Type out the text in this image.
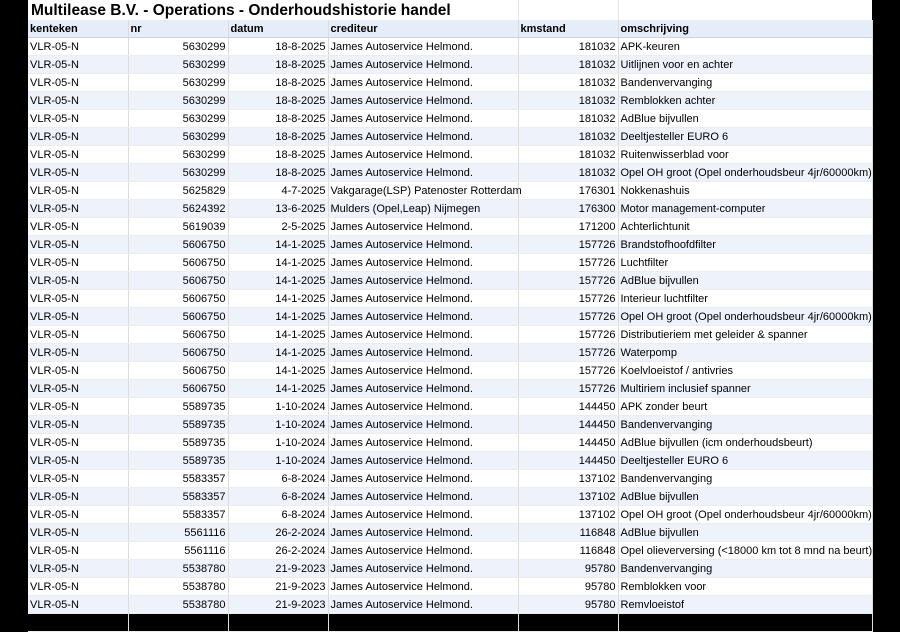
Multilease B.V. - Operations - Onderhoudshistorie handel
kenteken	nr	datum	crediteur	kmstand	omschrijving
VLR-05-N	5630299	18-8-2025	James Autoservice Helmond.	181032	APK-keuren
VLR-05-N	5630299	18-8-2025	James Autoservice Helmond.	181032	Uitlijnen voor en achter
VLR-05-N	5630299	18-8-2025	James Autoservice Helmond.	181032	Bandenvervanging
VLR-05-N	5630299	18-8-2025	James Autoservice Helmond.	181032	Remblokken achter
VLR-05-N	5630299	18-8-2025	James Autoservice Helmond.	181032	AdBlue bijvullen
VLR-05-N	5630299	18-8-2025	James Autoservice Helmond.	181032	Deeltjesteller EURO 6
VLR-05-N	5630299	18-8-2025	James Autoservice Helmond.	181032	Ruitenwisserblad voor
VLR-05-N	5630299	18-8-2025	James Autoservice Helmond.	181032	Opel OH groot (Opel onderhoudsbeur 4jr/60000km)
VLR-05-N	5625829	4-7-2025	Vakgarage(LSP) Patenoster Rotterdam	176301	Nokkenashuis
VLR-05-N	5624392	13-6-2025	Mulders (Opel,Leap) Nijmegen	176300	Motor management-computer
VLR-05-N	5619039	2-5-2025	James Autoservice Helmond.	171200	Achterlichtunit
VLR-05-N	5606750	14-1-2025	James Autoservice Helmond.	157726	Brandstofhoofdfilter
VLR-05-N	5606750	14-1-2025	James Autoservice Helmond.	157726	Luchtfilter
VLR-05-N	5606750	14-1-2025	James Autoservice Helmond.	157726	AdBlue bijvullen
VLR-05-N	5606750	14-1-2025	James Autoservice Helmond.	157726	Interieur luchtfilter
VLR-05-N	5606750	14-1-2025	James Autoservice Helmond.	157726	Opel OH groot (Opel onderhoudsbeur 4jr/60000km)
VLR-05-N	5606750	14-1-2025	James Autoservice Helmond.	157726	Distributieriem met geleider & spanner
VLR-05-N	5606750	14-1-2025	James Autoservice Helmond.	157726	Waterpomp
VLR-05-N	5606750	14-1-2025	James Autoservice Helmond.	157726	Koelvloeistof / antivries
VLR-05-N	5606750	14-1-2025	James Autoservice Helmond.	157726	Multiriem inclusief spanner
VLR-05-N	5589735	1-10-2024	James Autoservice Helmond.	144450	APK zonder beurt
VLR-05-N	5589735	1-10-2024	James Autoservice Helmond.	144450	Bandenvervanging
VLR-05-N	5589735	1-10-2024	James Autoservice Helmond.	144450	AdBlue bijvullen (icm onderhoudsbeurt)
VLR-05-N	5589735	1-10-2024	James Autoservice Helmond.	144450	Deeltjesteller EURO 6
VLR-05-N	5583357	6-8-2024	James Autoservice Helmond.	137102	Bandenvervanging
VLR-05-N	5583357	6-8-2024	James Autoservice Helmond.	137102	AdBlue bijvullen
VLR-05-N	5583357	6-8-2024	James Autoservice Helmond.	137102	Opel OH groot (Opel onderhoudsbeur 4jr/60000km)
VLR-05-N	5561116	26-2-2024	James Autoservice Helmond.	116848	AdBlue bijvullen
VLR-05-N	5561116	26-2-2024	James Autoservice Helmond.	116848	Opel olieverversing (<18000 km tot 8 mnd na beurt)
VLR-05-N	5538780	21-9-2023	James Autoservice Helmond.	95780	Bandenvervanging
VLR-05-N	5538780	21-9-2023	James Autoservice Helmond.	95780	Remblokken voor
VLR-05-N	5538780	21-9-2023	James Autoservice Helmond.	95780	Remvloeistof
VLR-05-N	5538780	21-9-2023	James Autoservice Helmond.	95780	Brandstofhoofdfilter
